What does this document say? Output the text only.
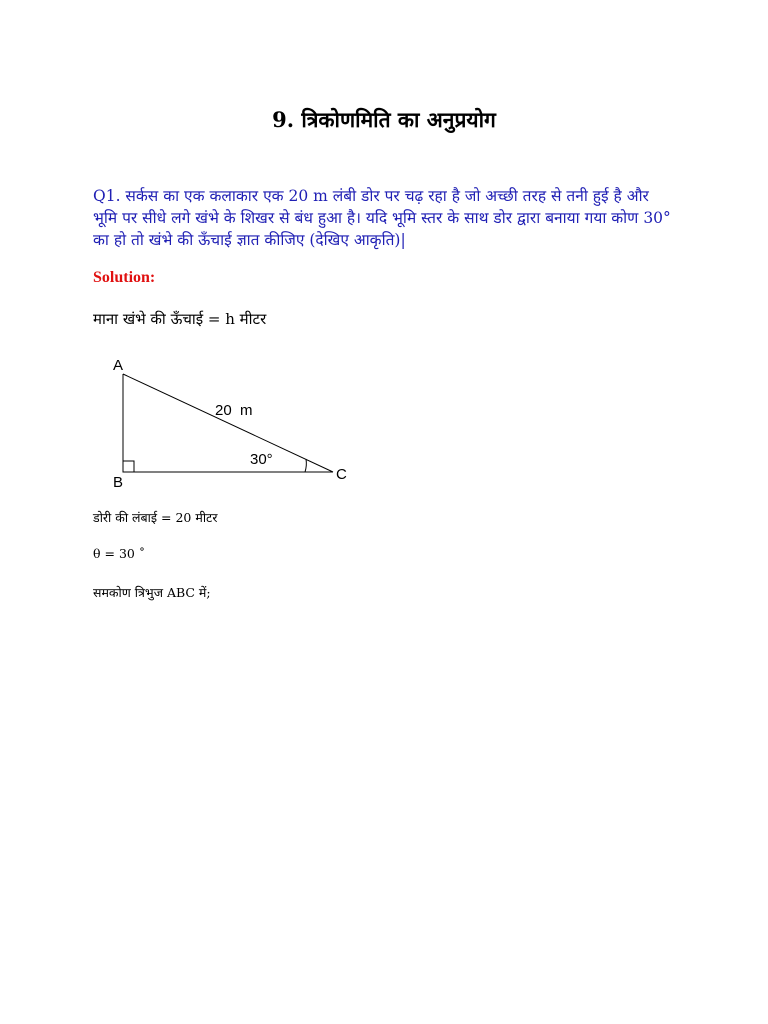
9. त्रिकोणमिति का अनुप्रयोग
Q1. सर्कस का एक कलाकार एक 20 m लंबी डोर पर चढ़ रहा है जो अच्छी तरह से तनी हुई है और भूमि पर सीधे लगे खंभे के शिखर से बंध हुआ है। यदि भूमि स्तर के साथ डोर द्वारा बनाया गया कोण 30° का हो तो खंभे की ऊँचाई ज्ञात कीजिए (देखिए आकृति)|
Solution:
माना खंभे की ऊँचाई = h मीटर
A
B	C
20  m
30°
डोरी की लंबाई = 20 मीटर
θ = 30 ˚
समकोण त्रिभुज ABC में;
